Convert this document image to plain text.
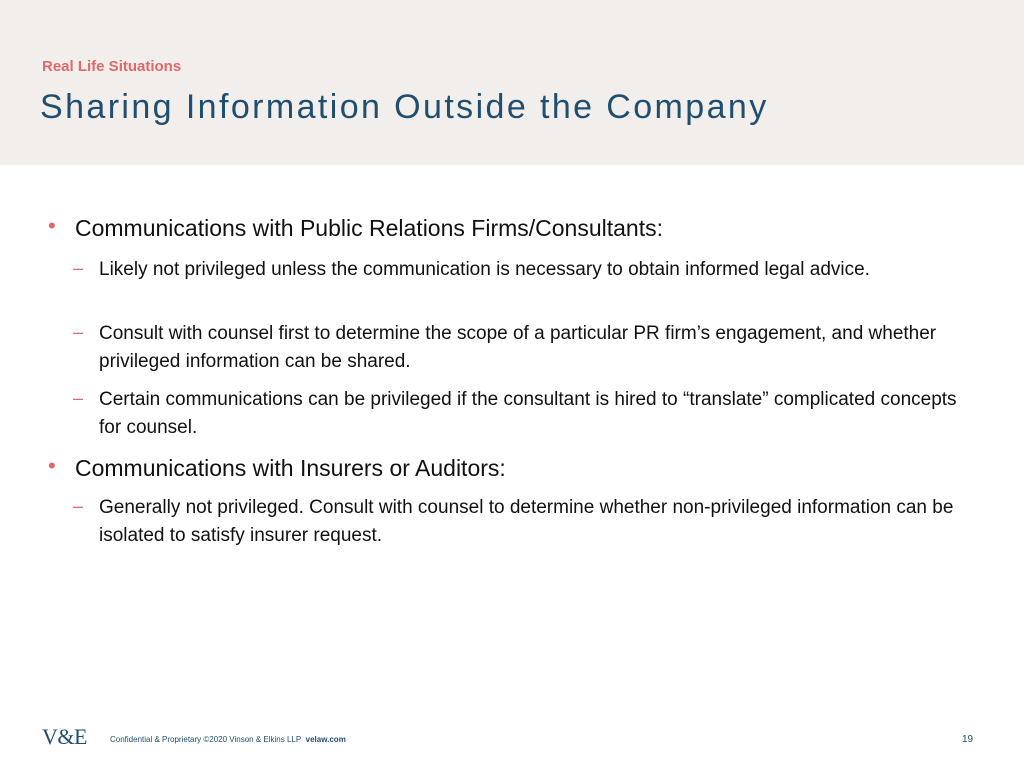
Real Life Situations
Sharing Information Outside the Company
• Communications with Public Relations Firms/Consultants:
– Likely not privileged unless the communication is necessary to obtain informed legal advice.
– Consult with counsel first to determine the scope of a particular PR firm’s engagement, and whether privileged information can be shared.
– Certain communications can be privileged if the consultant is hired to “translate” complicated concepts for counsel.
• Communications with Insurers or Auditors:
– Generally not privileged. Consult with counsel to determine whether non-privileged information can be isolated to satisfy insurer request.
V&E	Confidential & Proprietary ©2020 Vinson & Elkins LLP velaw.com	19
